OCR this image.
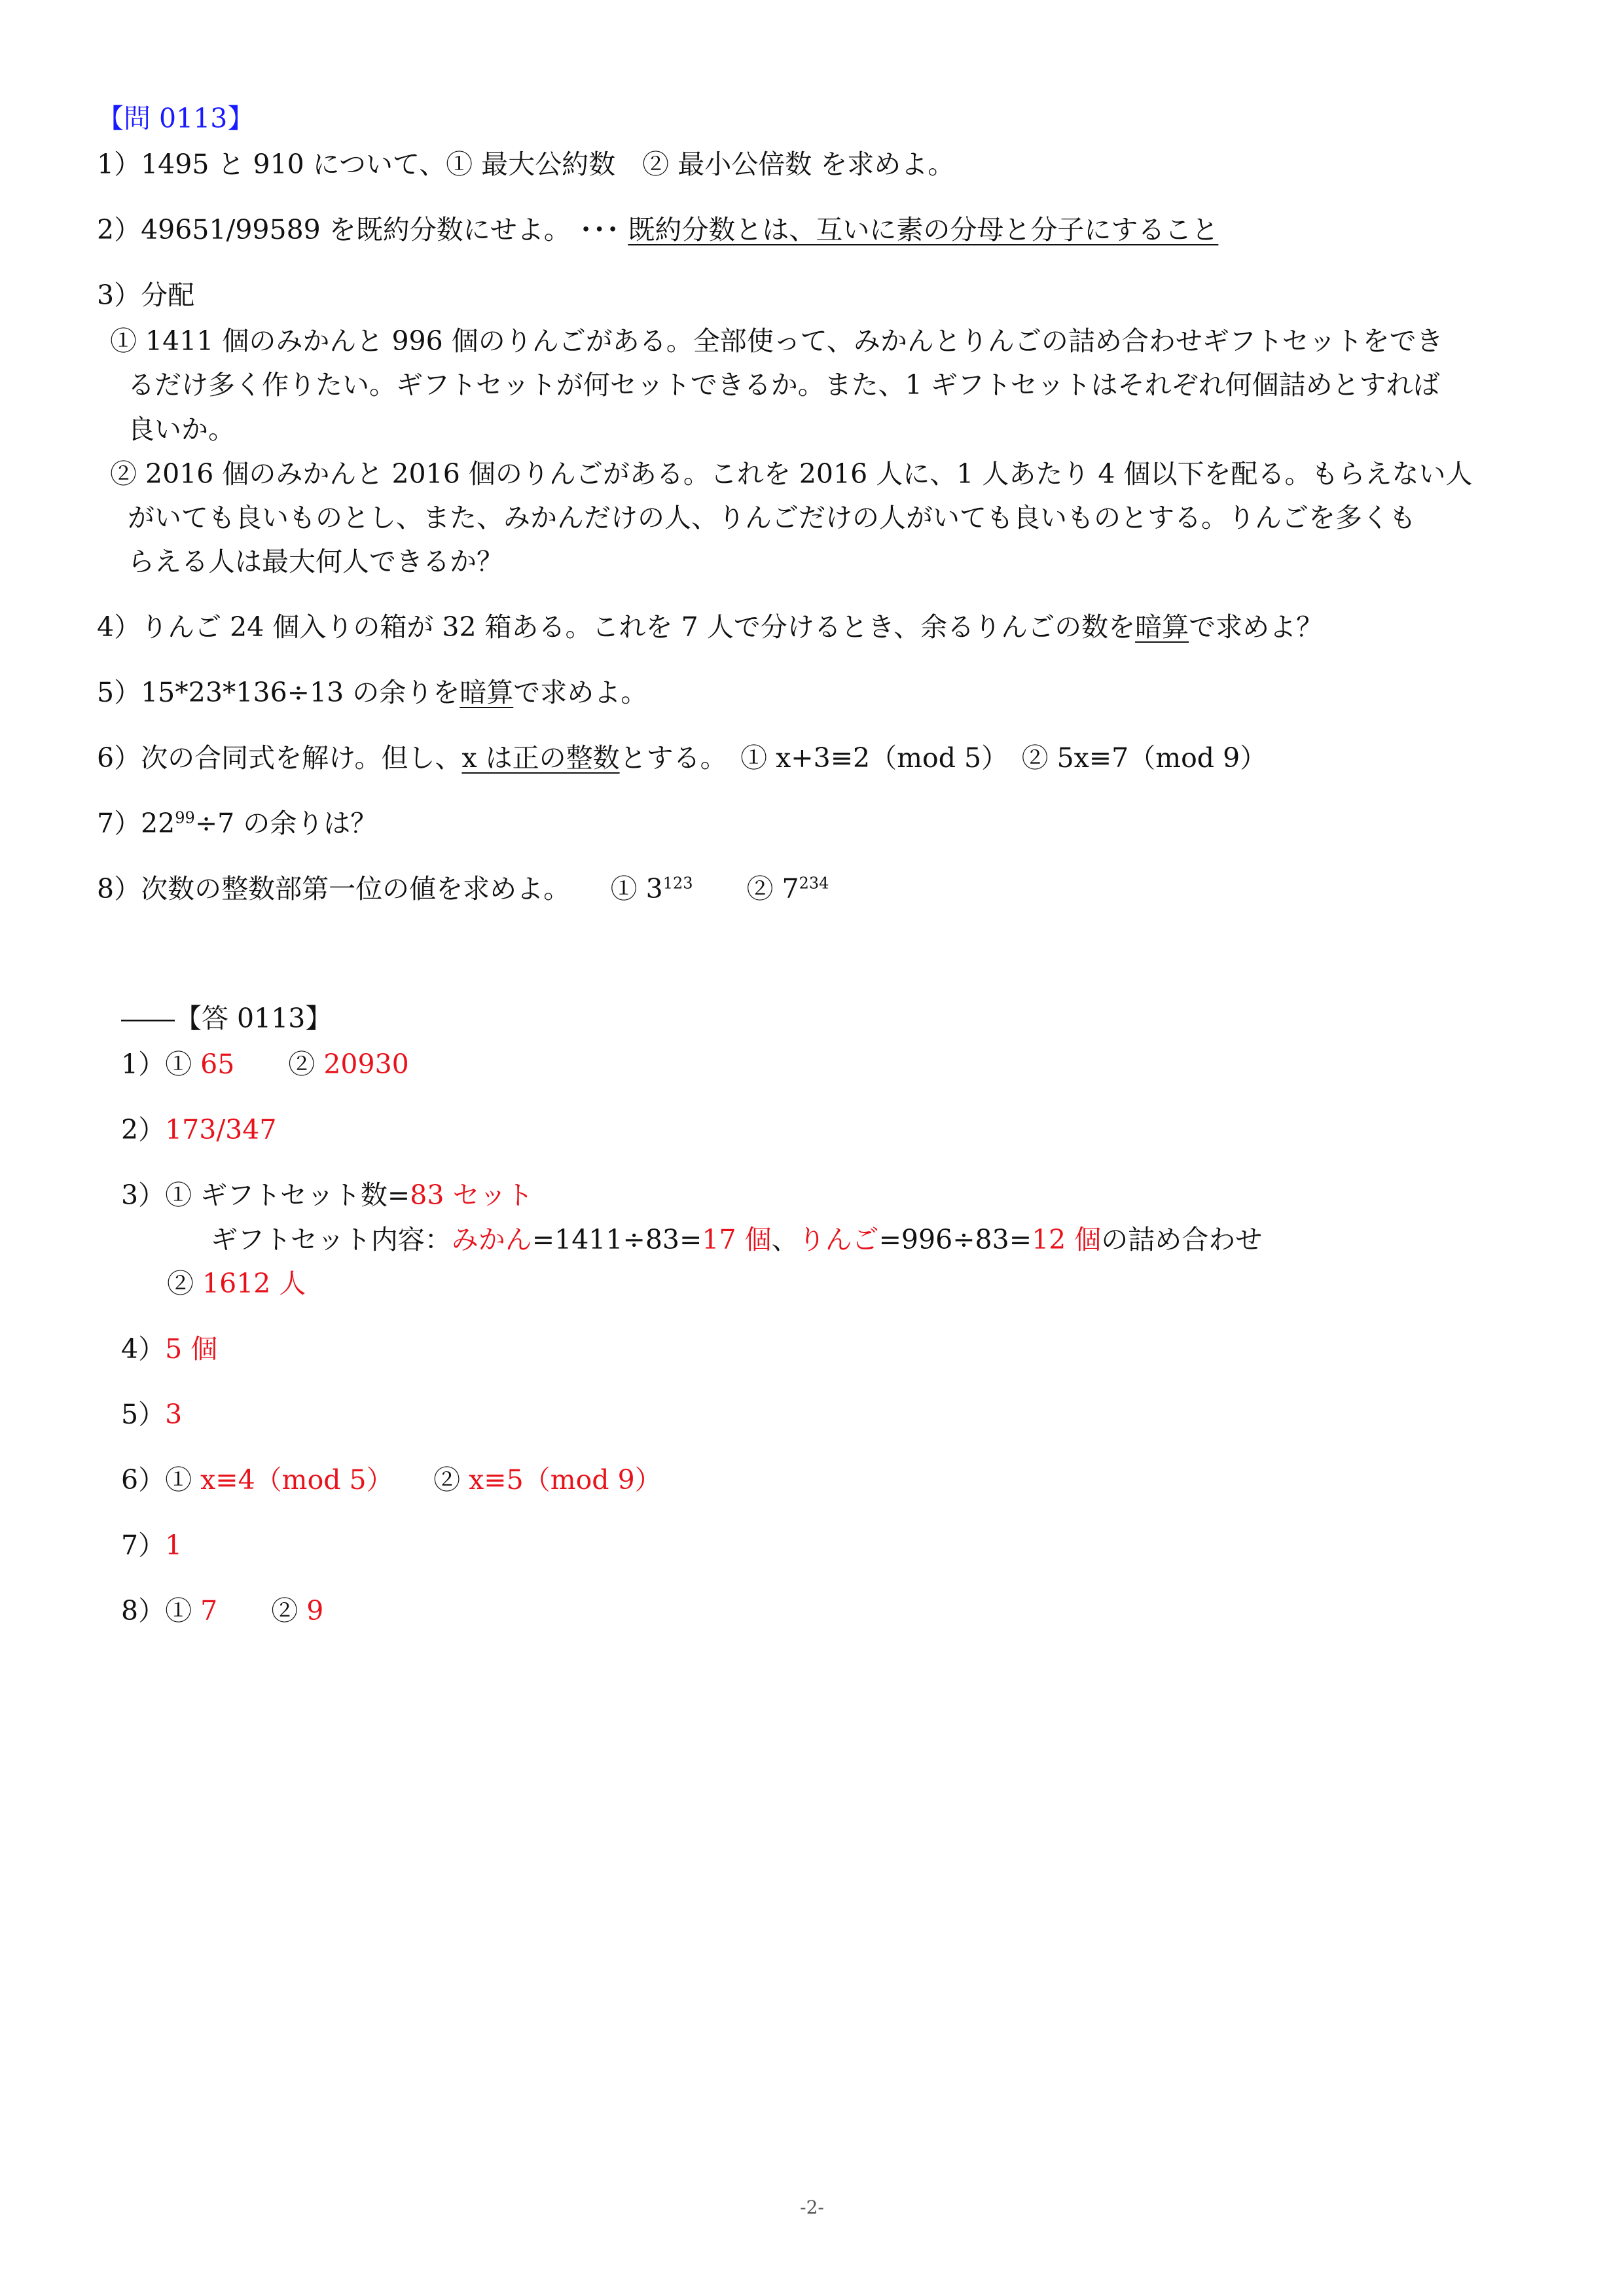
【問 0113】
1）1495 と 910 について、① 最大公約数　② 最小公倍数 を求めよ。
2）49651/99589 を既約分数にせよ。 ･･･ 既約分数とは、互いに素の分母と分子にすること
3）分配
① 1411 個のみかんと 996 個のりんごがある。全部使って、みかんとりんごの詰め合わせギフトセットをでき
るだけ多く作りたい。ギフトセットが何セットできるか。また、1 ギフトセットはそれぞれ何個詰めとすれば
良いか。
② 2016 個のみかんと 2016 個のりんごがある。これを 2016 人に、1 人あたり 4 個以下を配る。もらえない人
がいても良いものとし、また、みかんだけの人、りんごだけの人がいても良いものとする。りんごを多くも
らえる人は最大何人できるか？
4）りんご 24 個入りの箱が 32 箱ある。これを 7 人で分けるとき、余るりんごの数を暗算で求めよ？
5）15*23*136÷13 の余りを暗算で求めよ。
6）次の合同式を解け。但し、x は正の整数とする。　① x+3≡2（mod 5）　② 5x≡7（mod 9）
$7)22^{99}\div 7$ の余りは？
8）次数の整数部第一位の値を求めよ。　　① $3^{123}$　　② $7^{234}$
――【答 0113】
1）① 65　　② 20930
2）173/347
3）① ギフトセット数=83 セット
ギフトセット内容：みかん=1411÷83=17 個、りんご=996÷83=12 個の詰め合わせ
② 1612 人
4）5 個
5）3
6）① x≡4（mod 5）　　② x≡5（mod 9）
7）1
8）① 7　　② 9
-2-
